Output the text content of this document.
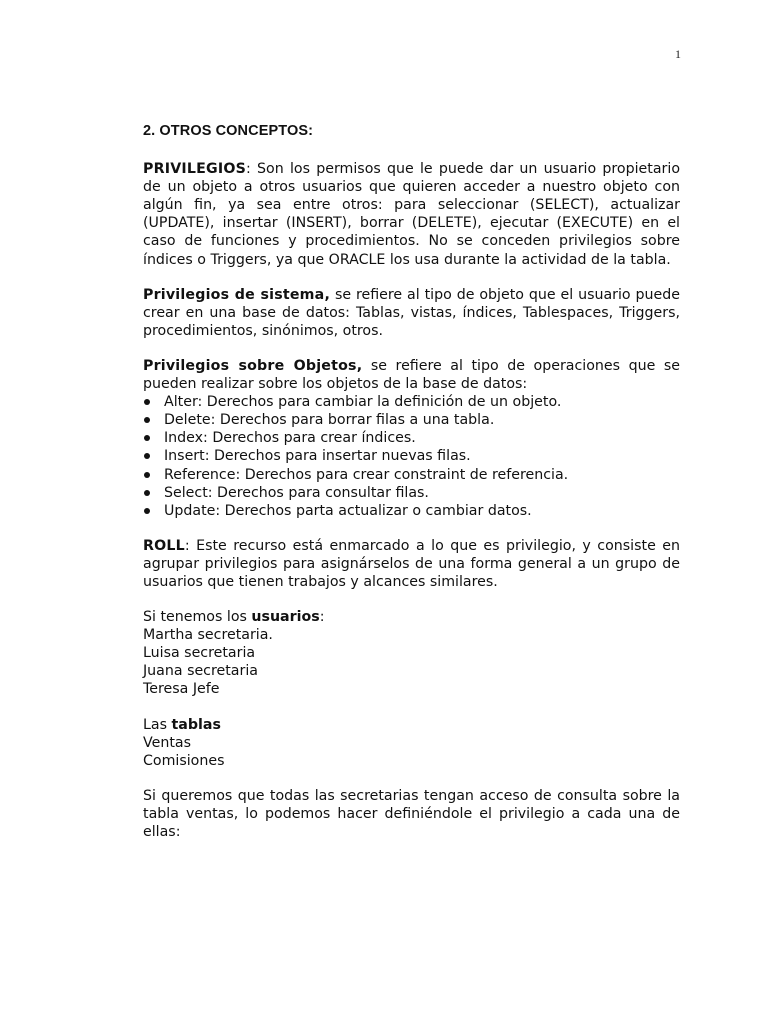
1
2. OTROS CONCEPTOS:

PRIVILEGIOS: Son los permisos que le puede dar un usuario propietario de un objeto a otros usuarios que quieren acceder a nuestro objeto con algún fin, ya sea entre otros: para seleccionar (SELECT), actualizar (UPDATE), insertar (INSERT), borrar (DELETE), ejecutar (EXECUTE) en el caso de funciones y procedimientos. No se conceden privilegios sobre índices o Triggers, ya que ORACLE los usa durante la actividad de la tabla.

Privilegios de sistema, se refiere al tipo de objeto que el usuario puede crear en una base de datos: Tablas, vistas, índices, Tablespaces, Triggers, procedimientos, sinónimos, otros.

Privilegios sobre Objetos, se refiere al tipo de operaciones que se pueden realizar sobre los objetos de la base de datos:

Alter: Derechos para cambiar la definición de un objeto.
Delete: Derechos para borrar filas a una tabla.
Index: Derechos para crear índices.
Insert: Derechos para insertar nuevas filas.
Reference: Derechos para crear constraint de referencia.
Select: Derechos para consultar filas.
Update: Derechos parta actualizar o cambiar datos.

ROLL: Este recurso está enmarcado a lo que es privilegio, y consiste en agrupar privilegios para asignárselos de una forma general a un grupo de usuarios que tienen trabajos y alcances similares.

Si tenemos los usuarios:
Martha secretaria.
Luisa secretaria
Juana secretaria
Teresa Jefe
Las tablas
Ventas
Comisiones

Si queremos que todas las secretarias tengan acceso de consulta sobre la tabla ventas, lo podemos hacer definiéndole el privilegio a cada una de ellas:
